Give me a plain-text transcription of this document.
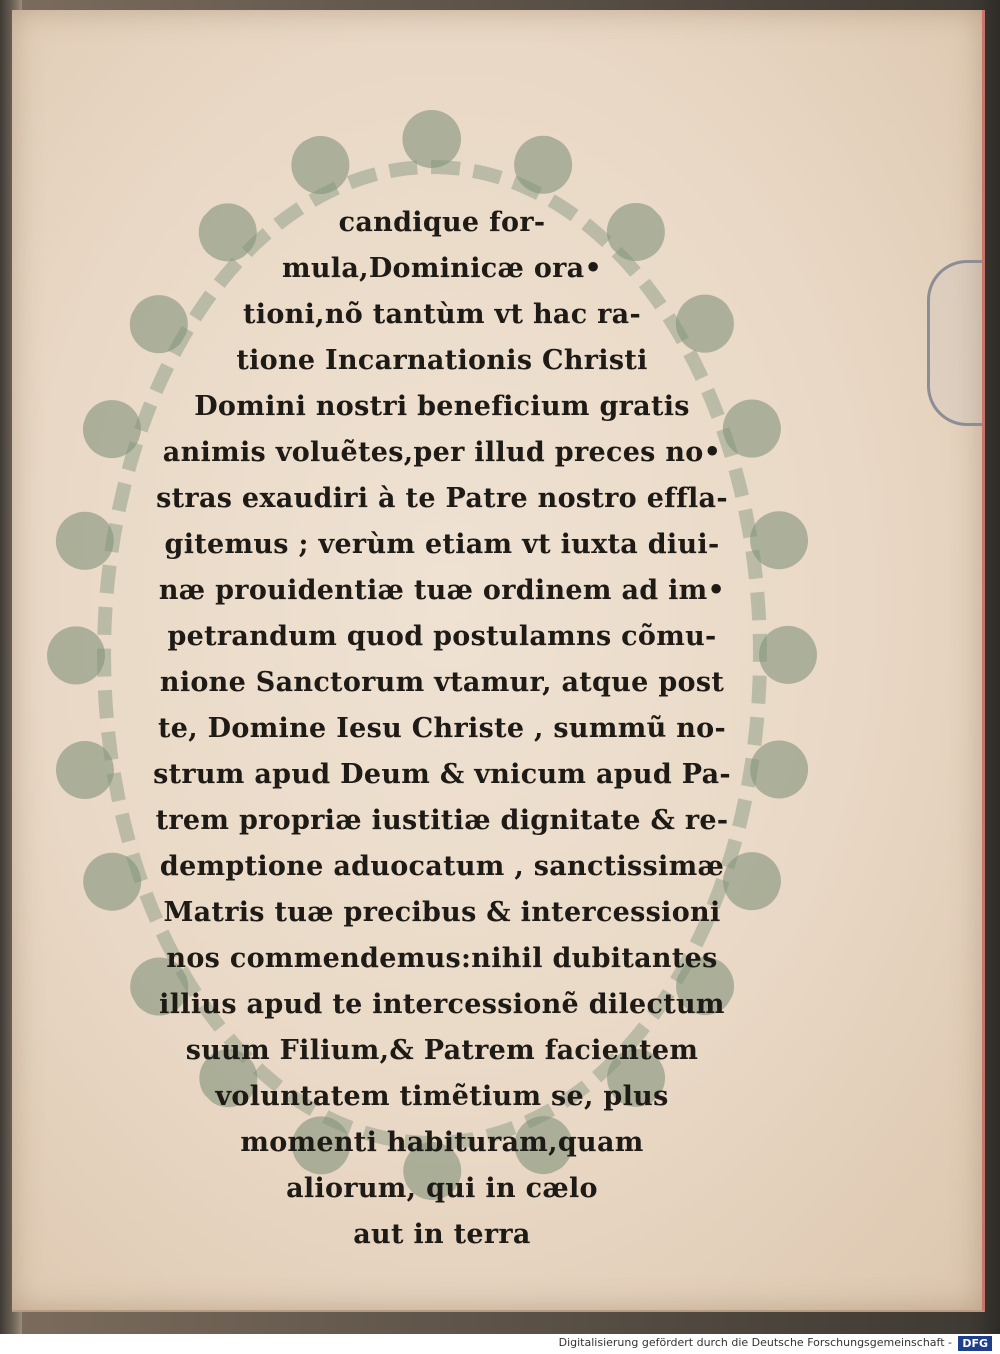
candique for-
mula,Dominicæ ora•
tioni,nõ tantùm vt hac ra-
tione Incarnationis Christi
Domini nostri beneficium gratis
animis voluẽtes,per illud preces no•
stras exaudiri à te Patre nostro effla-
gitemus ; verùm etiam vt iuxta diui-
næ prouidentiæ tuæ ordinem ad im•
petrandum quod postulamns cõmu-
nione Sanctorum vtamur, atque post
te, Domine Iesu Christe , summũ no-
strum apud Deum & vnicum apud Pa-
trem propriæ iustitiæ dignitate & re-
demptione aduocatum , sanctissimæ
Matris tuæ precibus & intercessioni
nos commendemus:nihil dubitantes
illius apud te intercessionẽ dilectum
suum Filium,& Patrem facientem
voluntatem timẽtium se, plus
momenti habituram,quam
aliorum, qui in cælo
aut in terra
Digitalisierung gefördert durch die Deutsche Forschungsgemeinschaft - DFG
